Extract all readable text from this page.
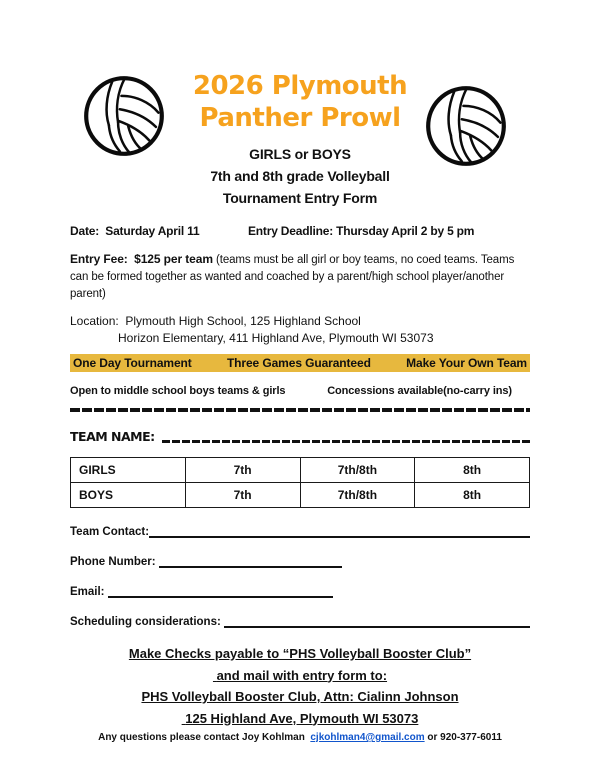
2026 Plymouth
Panther Prowl
GIRLS or BOYS
7th and 8th grade Volleyball
Tournament Entry Form
Date:  Saturday April 11	Entry Deadline: Thursday April 2 by 5 pm

Entry Fee:  $125 per team (teams must be all girl or boy teams, no coed teams. Teams can be formed together as wanted and coached by a parent/high school player/another parent)

Location:  Plymouth High School, 125 Highland School
Horizon Elementary, 411 Highland Ave, Plymouth WI 53073
One Day Tournament	Three Games Guaranteed	Make Your Own Team
Open to middle school boys teams & girls	Concessions available(no-carry ins)
TEAM NAME:
GIRLS	7th	7th/8th	8th
BOYS	7th	7th/8th	8th
Team Contact:
Phone Number:
Email:
Scheduling considerations:
Make Checks payable to “PHS Volleyball Booster Club”
and mail with entry form to:
PHS Volleyball Booster Club, Attn: Cialinn Johnson
125 Highland Ave, Plymouth WI 53073
Any questions please contact Joy Kohlman  cjkohlman4@gmail.com or 920-377-6011
